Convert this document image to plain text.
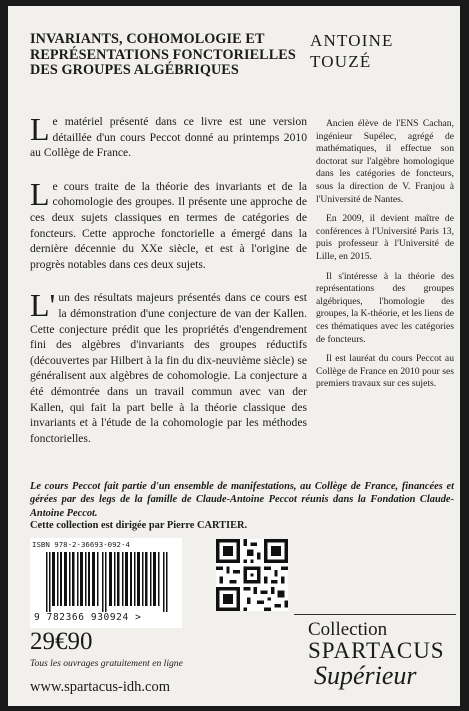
INVARIANTS, COHOMOLOGIE ET REPRÉSENTATIONS FONCTORIELLES DES GROUPES ALGÉBRIQUES
ANTOINE TOUZÉ

Le matériel présenté dans ce livre est une version détaillée d'un cours Peccot donné au printemps 2010 au Collège de France.

Le cours traite de la théorie des invariants et de la cohomologie des groupes. Il présente une approche de ces deux sujets classiques en termes de catégories de foncteurs. Cette approche fonctorielle a émergé dans la dernière décennie du XXe siècle, et est à l'origine de progrès notables dans ces deux sujets.

L'un des résultats majeurs présentés dans ce cours est la démonstration d'une conjecture de van der Kallen. Cette conjecture prédit que les propriétés d'engendrement fini des algèbres d'invariants des groupes réductifs (découvertes par Hilbert à la fin du dix-neuvième siècle) se généralisent aux algèbres de cohomologie. La conjecture a été démontrée dans un travail commun avec van der Kallen, qui fait la part belle à la théorie classique des invariants et à l'étude de la cohomologie par les méthodes fonctorielles.

Ancien élève de l'ENS Cachan, ingénieur Supélec, agrégé de mathématiques, il effectue son doctorat sur l'algèbre homologique dans les catégories de foncteurs, sous la direction de V. Franjou à l'Université de Nantes.

En 2009, il devient maître de conférences à l'Université Paris 13, puis professeur à l'Université de Lille, en 2015.

Il s'intéresse à la théorie des représentations des groupes algébriques, l'homologie des groupes, la K-théorie, et les liens de ces thématiques avec les catégories de foncteurs.

Il est lauréat du cours Peccot au Collège de France en 2010 pour ses premiers travaux sur ces sujets.

Le cours Peccot fait partie d'un ensemble de manifestations, au Collège de France, financées et gérées par des legs de la famille de Claude-Antoine Peccot réunis dans la Fondation Claude-Antoine Peccot.
Cette collection est dirigée par Pierre CARTIER.
ISBN 978-2-36693-092-4
9 782366 930924 >
29€90
Tous les ouvrages gratuitement en ligne
www.spartacus-idh.com
Collection
SPARTACUS
Supérieur
